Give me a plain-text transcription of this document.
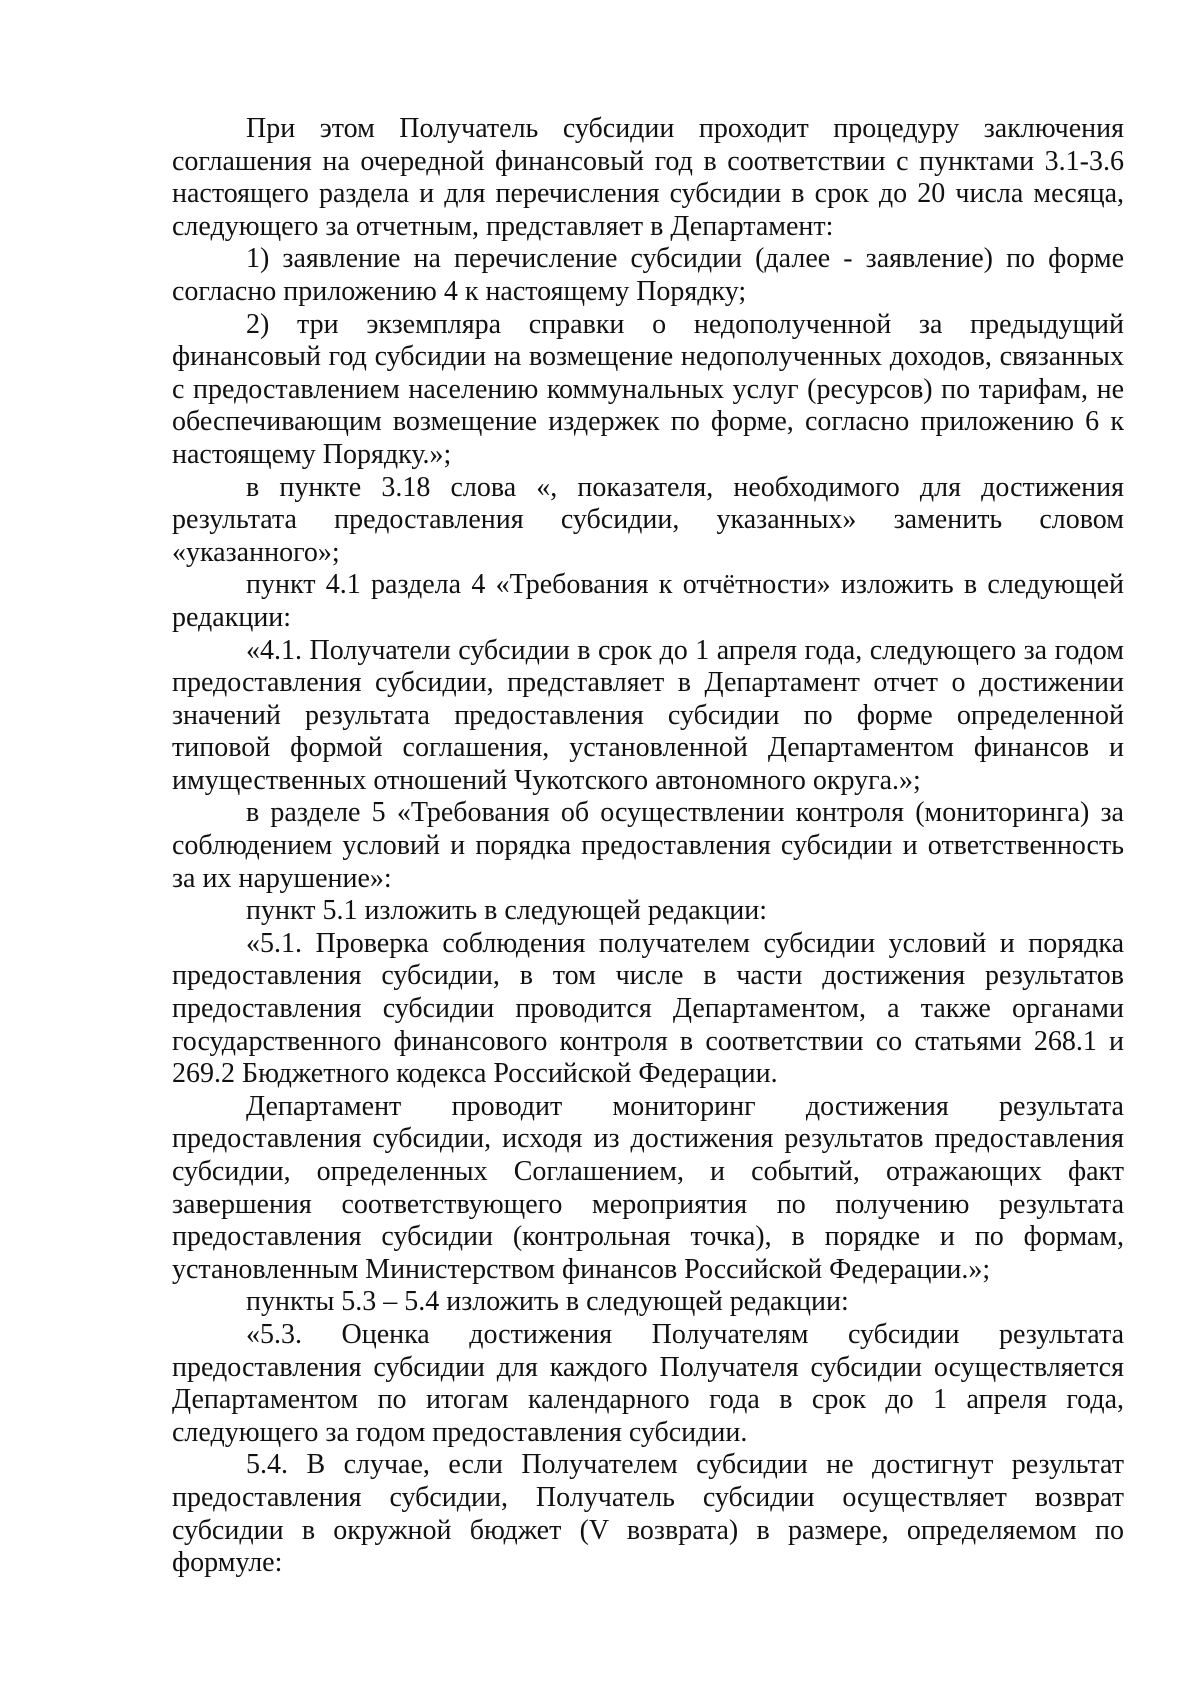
При этом Получатель субсидии проходит процедуру заключения соглашения на очередной финансовый год в соответствии с пунктами 3.1-3.6 настоящего раздела и для перечисления субсидии в срок до 20 числа месяца, следующего за отчетным, представляет в Департамент:

1) заявление на перечисление субсидии (далее - заявление) по форме согласно приложению 4 к настоящему Порядку;

2) три экземпляра справки о недополученной за предыдущий финансовый год субсидии на возмещение недополученных доходов, связанных с предоставлением населению коммунальных услуг (ресурсов) по тарифам, не обеспечивающим возмещение издержек по форме, согласно приложению 6 к настоящему Порядку.»;

в пункте 3.18 слова «, показателя, необходимого для достижения результата предоставления субсидии, указанных» заменить словом «указанного»;

пункт 4.1 раздела 4 «Требования к отчётности» изложить в следующей редакции:

«4.1. Получатели субсидии в срок до 1 апреля года, следующего за годом предоставления субсидии, представляет в Департамент отчет о достижении значений результата предоставления субсидии по форме определенной типовой формой соглашения, установленной Департаментом финансов и имущественных отношений Чукотского автономного округа.»;

в разделе 5 «Требования об осуществлении контроля (мониторинга) за соблюдением условий и порядка предоставления субсидии и ответственность за их нарушение»:

пункт 5.1 изложить в следующей редакции:

«5.1. Проверка соблюдения получателем субсидии условий и порядка предоставления субсидии, в том числе в части достижения результатов предоставления субсидии проводится Департаментом, а также органами государственного финансового контроля в соответствии со статьями 268.1 и 269.2 Бюджетного кодекса Российской Федерации.

Департамент проводит мониторинг достижения результата предоставления субсидии, исходя из достижения результатов предоставления субсидии, определенных Соглашением, и событий, отражающих факт завершения соответствующего мероприятия по получению результата предоставления субсидии (контрольная точка), в порядке и по формам, установленным Министерством финансов Российской Федерации.»;

пункты 5.3 – 5.4 изложить в следующей редакции:

«5.3. Оценка достижения Получателям субсидии результата предоставления субсидии для каждого Получателя субсидии осуществляется Департаментом по итогам календарного года в срок до 1 апреля года, следующего за годом предоставления субсидии.

5.4. В случае, если Получателем субсидии не достигнут результат предоставления субсидии, Получатель субсидии осуществляет возврат субсидии в окружной бюджет (V возврата) в размере, определяемом по формуле:
